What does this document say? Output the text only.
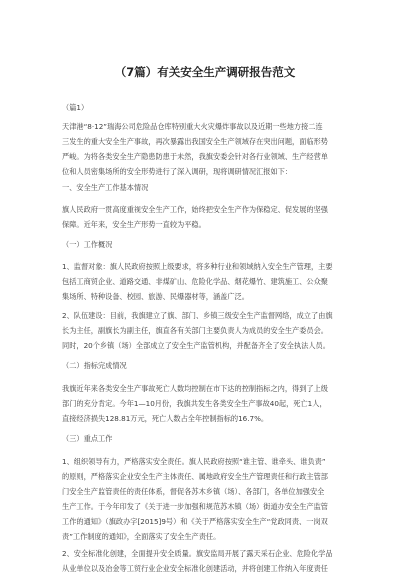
（7篇）有关安全生产调研报告范文
（篇1）
天津港“8·12”瑞海公司危险品仓库特别重大火灾爆炸事故以及近期一些地方接二连
三发生的重大安全生产事故，再次暴露出我国安全生产领域存在突出问题，面临形势
严峻。为将各类安全生产隐患防患于未然，我旗安委会针对各行业领域、生产经营单
位和人员密集场所的安全形势进行了深入调研，现将调研情况汇报如下：
一、安全生产工作基本情况
旗人民政府一贯高度重视安全生产工作，始终把安全生产作为保稳定、促发展的坚强
保障。近年来，安全生产形势一直较为平稳。
（一）工作概况
1、监督对象：旗人民政府按照上级要求，将多种行业和领域纳入安全生产管理，主要
包括工商贸企业、道路交通、非煤矿山、危险化学品、烟花爆竹、建筑施工、公众聚
集场所、特种设备、校园、旅游、民爆器材等，涵盖广泛。
2、队伍建设：目前，我旗建立了旗、部门、乡镇三级安全生产监督网络，成立了由旗
长为主任，副旗长为副主任，旗直各有关部门主要负责人为成员的安全生产委员会。
同时，20个乡镇（场）全部成立了安全生产监管机构，并配备齐全了安全执法人员。
（二）指标完成情况
我旗近年来各类安全生产事故死亡人数均控制在市下达的控制指标之内，得到了上级
部门的充分肯定。今年1—10月份，我旗共发生各类安全生产事故40起，死亡1人，
直接经济损失128.81万元，死亡人数占全年控制指标的16.7%。
（三）重点工作
1、组织领导有力，严格落实安全责任。旗人民政府按照“谁主管、谁牵头、谁负责”
的原则，严格落实企业安全生产主体责任、属地政府安全生产管理责任和行政主管部
门安全生产监管责任的责任体系，督促各苏木乡镇（场）、各部门，各单位加强安全
生产工作。于今年印发了《关于进一步加强和规范苏木镇（场）街道办安全生产监管
工作的通知》（旗政办字[2015]9号）和《关于严格落实安全生产“党政同责、一岗双
责”工作制度的通知》，全面落实了安全生产责任。
2、安全标准化创建，全面提升安全质量。旗安监局开展了露天采石企业、危险化学品
从业单位以及冶金等工贸行业企业安全标准化创建活动，并将创建工作纳入年度责任
